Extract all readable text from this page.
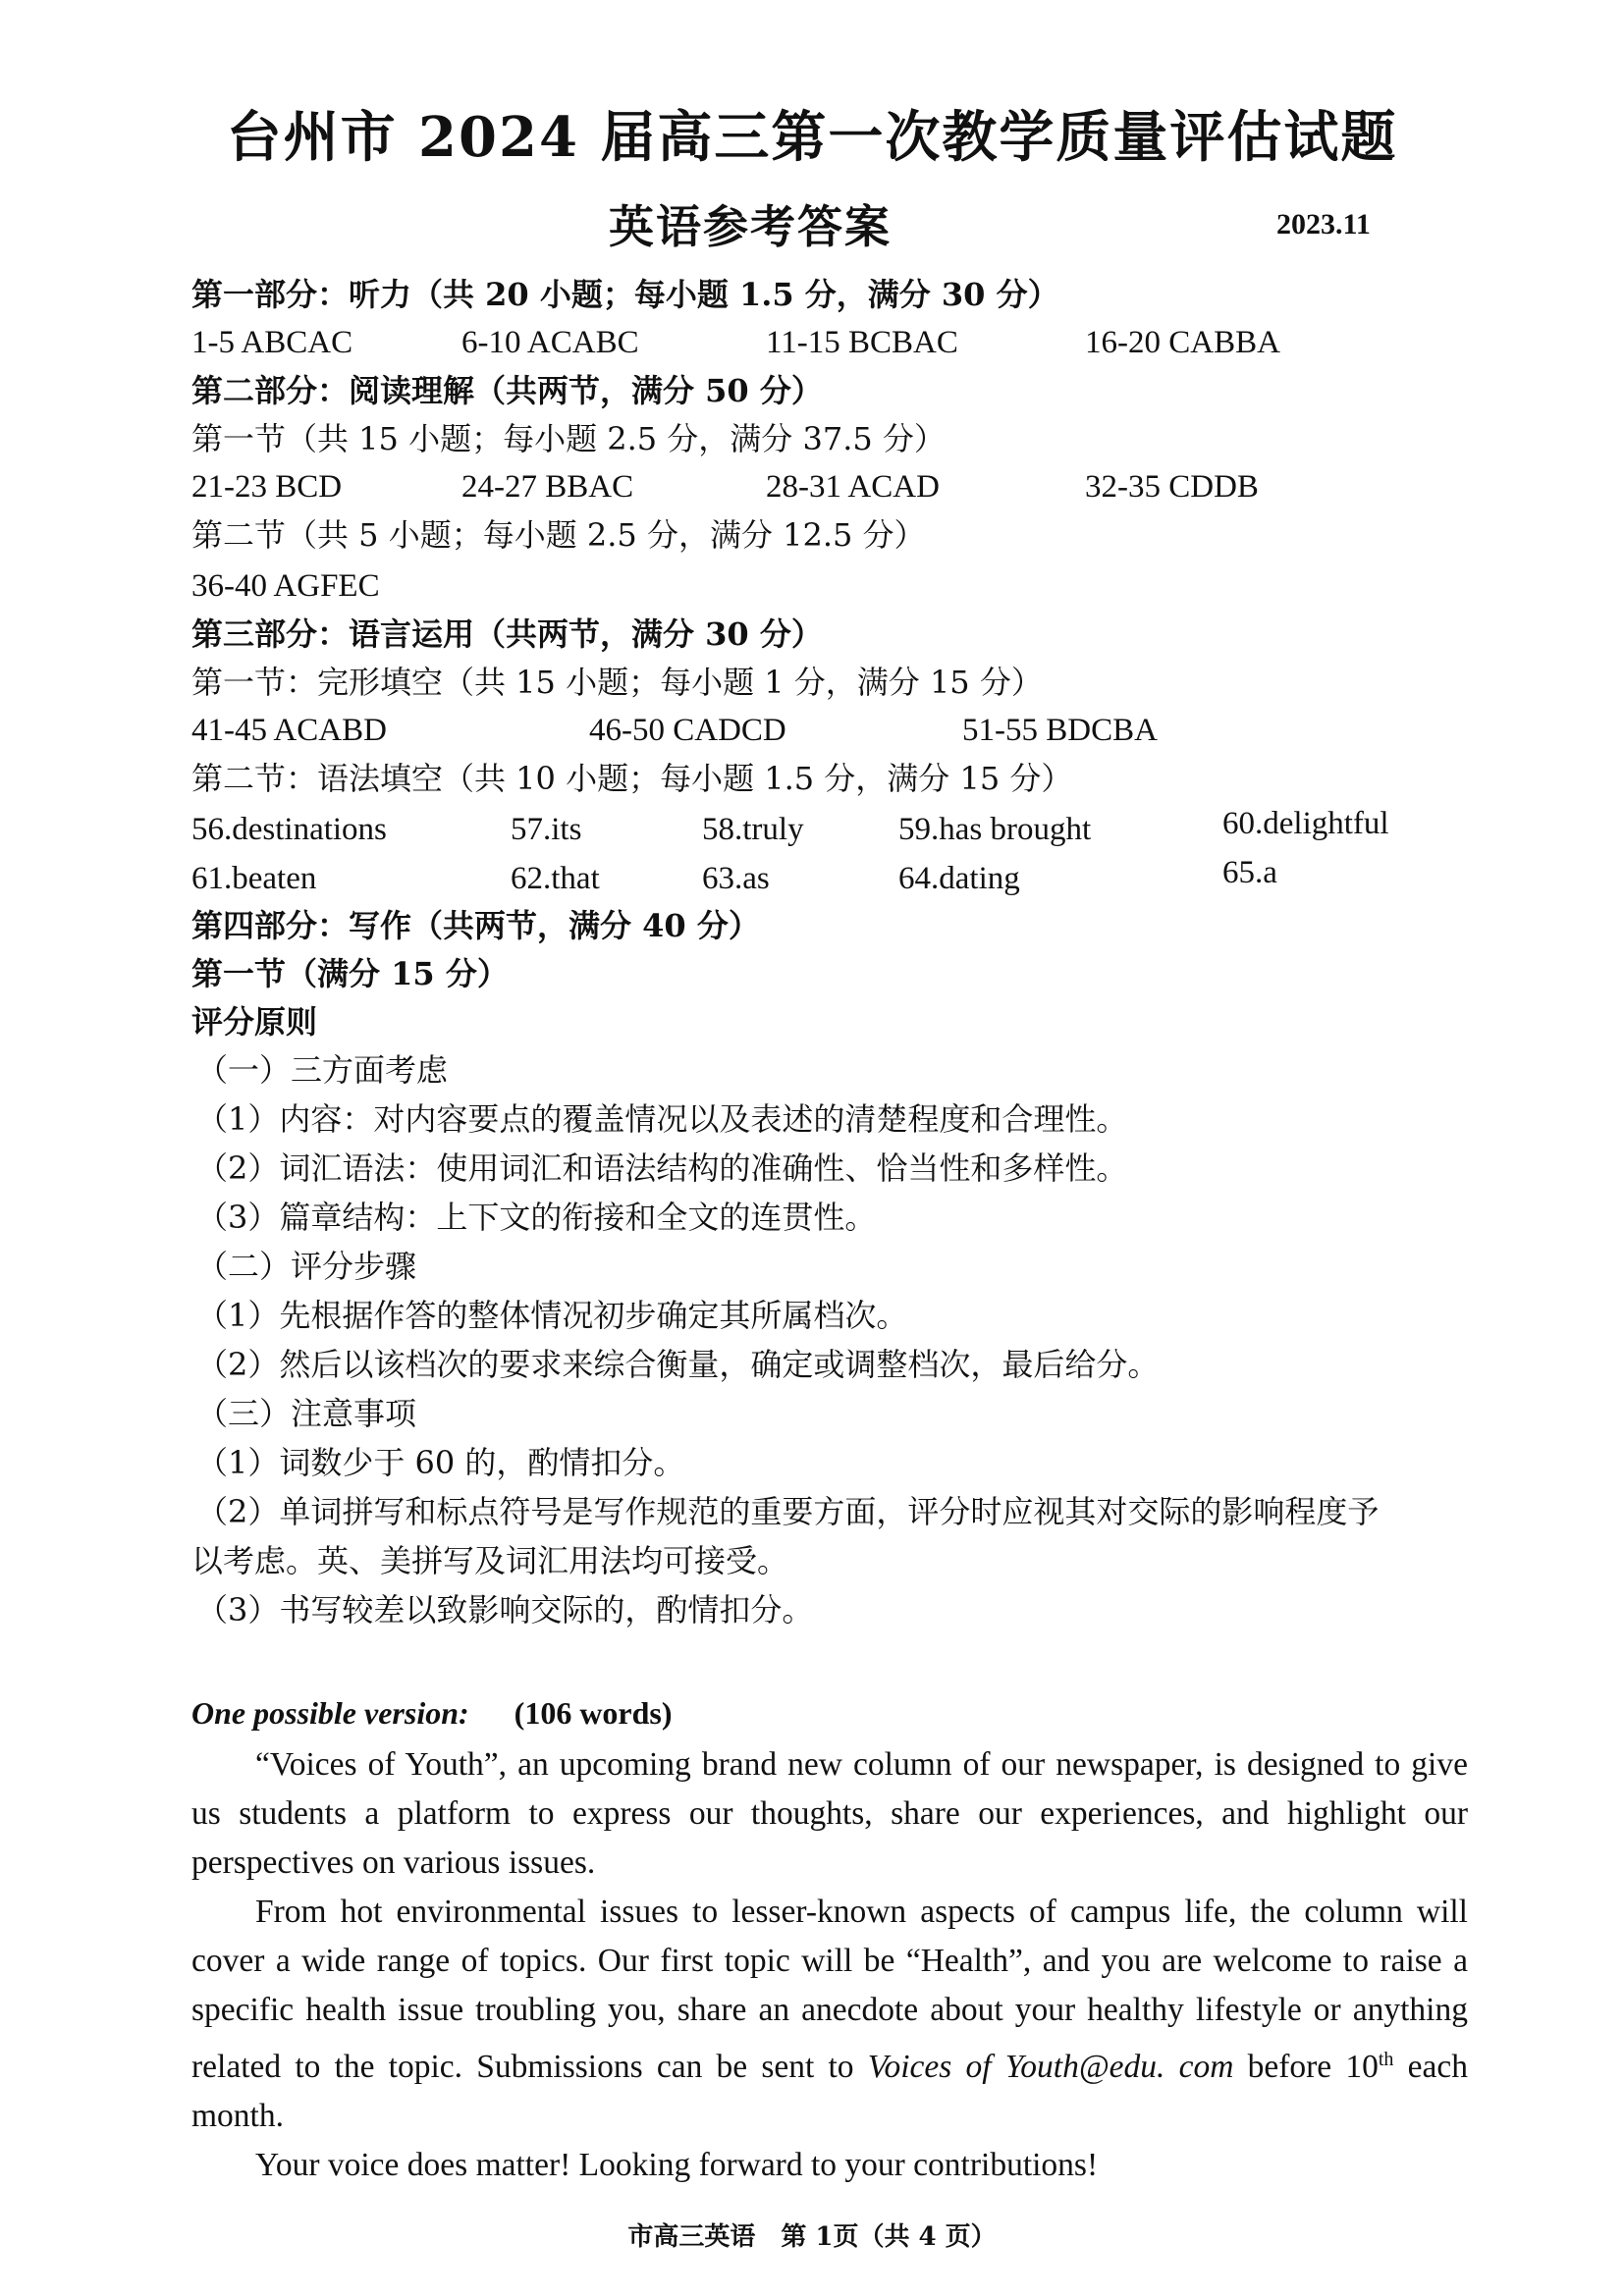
台州市 2024 届高三第一次教学质量评估试题
英语参考答案	2023.11
第一部分：听力（共 20 小题；每小题 1.5 分，满分 30 分）
1-5 ABCAC	6-10 ACABC	11-15 BCBAC	16-20 CABBA
第二部分：阅读理解（共两节，满分 50 分）
第一节（共 15 小题；每小题 2.5 分，满分 37.5 分）
21-23 BCD	24-27 BBAC	28-31 ACAD	32-35 CDDB
第二节（共 5 小题；每小题 2.5 分，满分 12.5 分）
36-40 AGFEC
第三部分：语言运用（共两节，满分 30 分）
第一节：完形填空（共 15 小题；每小题 1 分，满分 15 分）
41-45 ACABD	46-50 CADCD	51-55 BDCBA
第二节：语法填空（共 10 小题；每小题 1.5 分，满分 15 分）
56.destinations	57.its	58.truly	59.has brought	60.delightful
61.beaten	62.that	63.as	64.dating	65.a
第四部分：写作（共两节，满分 40 分）
第一节（满分 15 分）
评分原则
（一）三方面考虑
（1）内容：对内容要点的覆盖情况以及表述的清楚程度和合理性。
（2）词汇语法：使用词汇和语法结构的准确性、恰当性和多样性。
（3）篇章结构：上下文的衔接和全文的连贯性。
（二）评分步骤
（1）先根据作答的整体情况初步确定其所属档次。
（2）然后以该档次的要求来综合衡量，确定或调整档次，最后给分。
（三）注意事项
（1）词数少于 60 的，酌情扣分。
（2）单词拼写和标点符号是写作规范的重要方面，评分时应视其对交际的影响程度予
以考虑。英、美拼写及词汇用法均可接受。
（3）书写较差以致影响交际的，酌情扣分。
One possible version: (106 words)

“Voices of Youth”, an upcoming brand new column of our newspaper, is designed to give us students a platform to express our thoughts, share our experiences, and highlight our perspectives on various issues.

From hot environmental issues to lesser-known aspects of campus life, the column will cover a wide range of topics. Our first topic will be “Health”, and you are welcome to raise a specific health issue troubling you, share an anecdote about your healthy lifestyle or anything related to the topic. Submissions can be sent to Voices of Youth@edu. com before 10th each month.

Your voice does matter! Looking forward to your contributions!

市高三英语　第 1页（共 4 页）
